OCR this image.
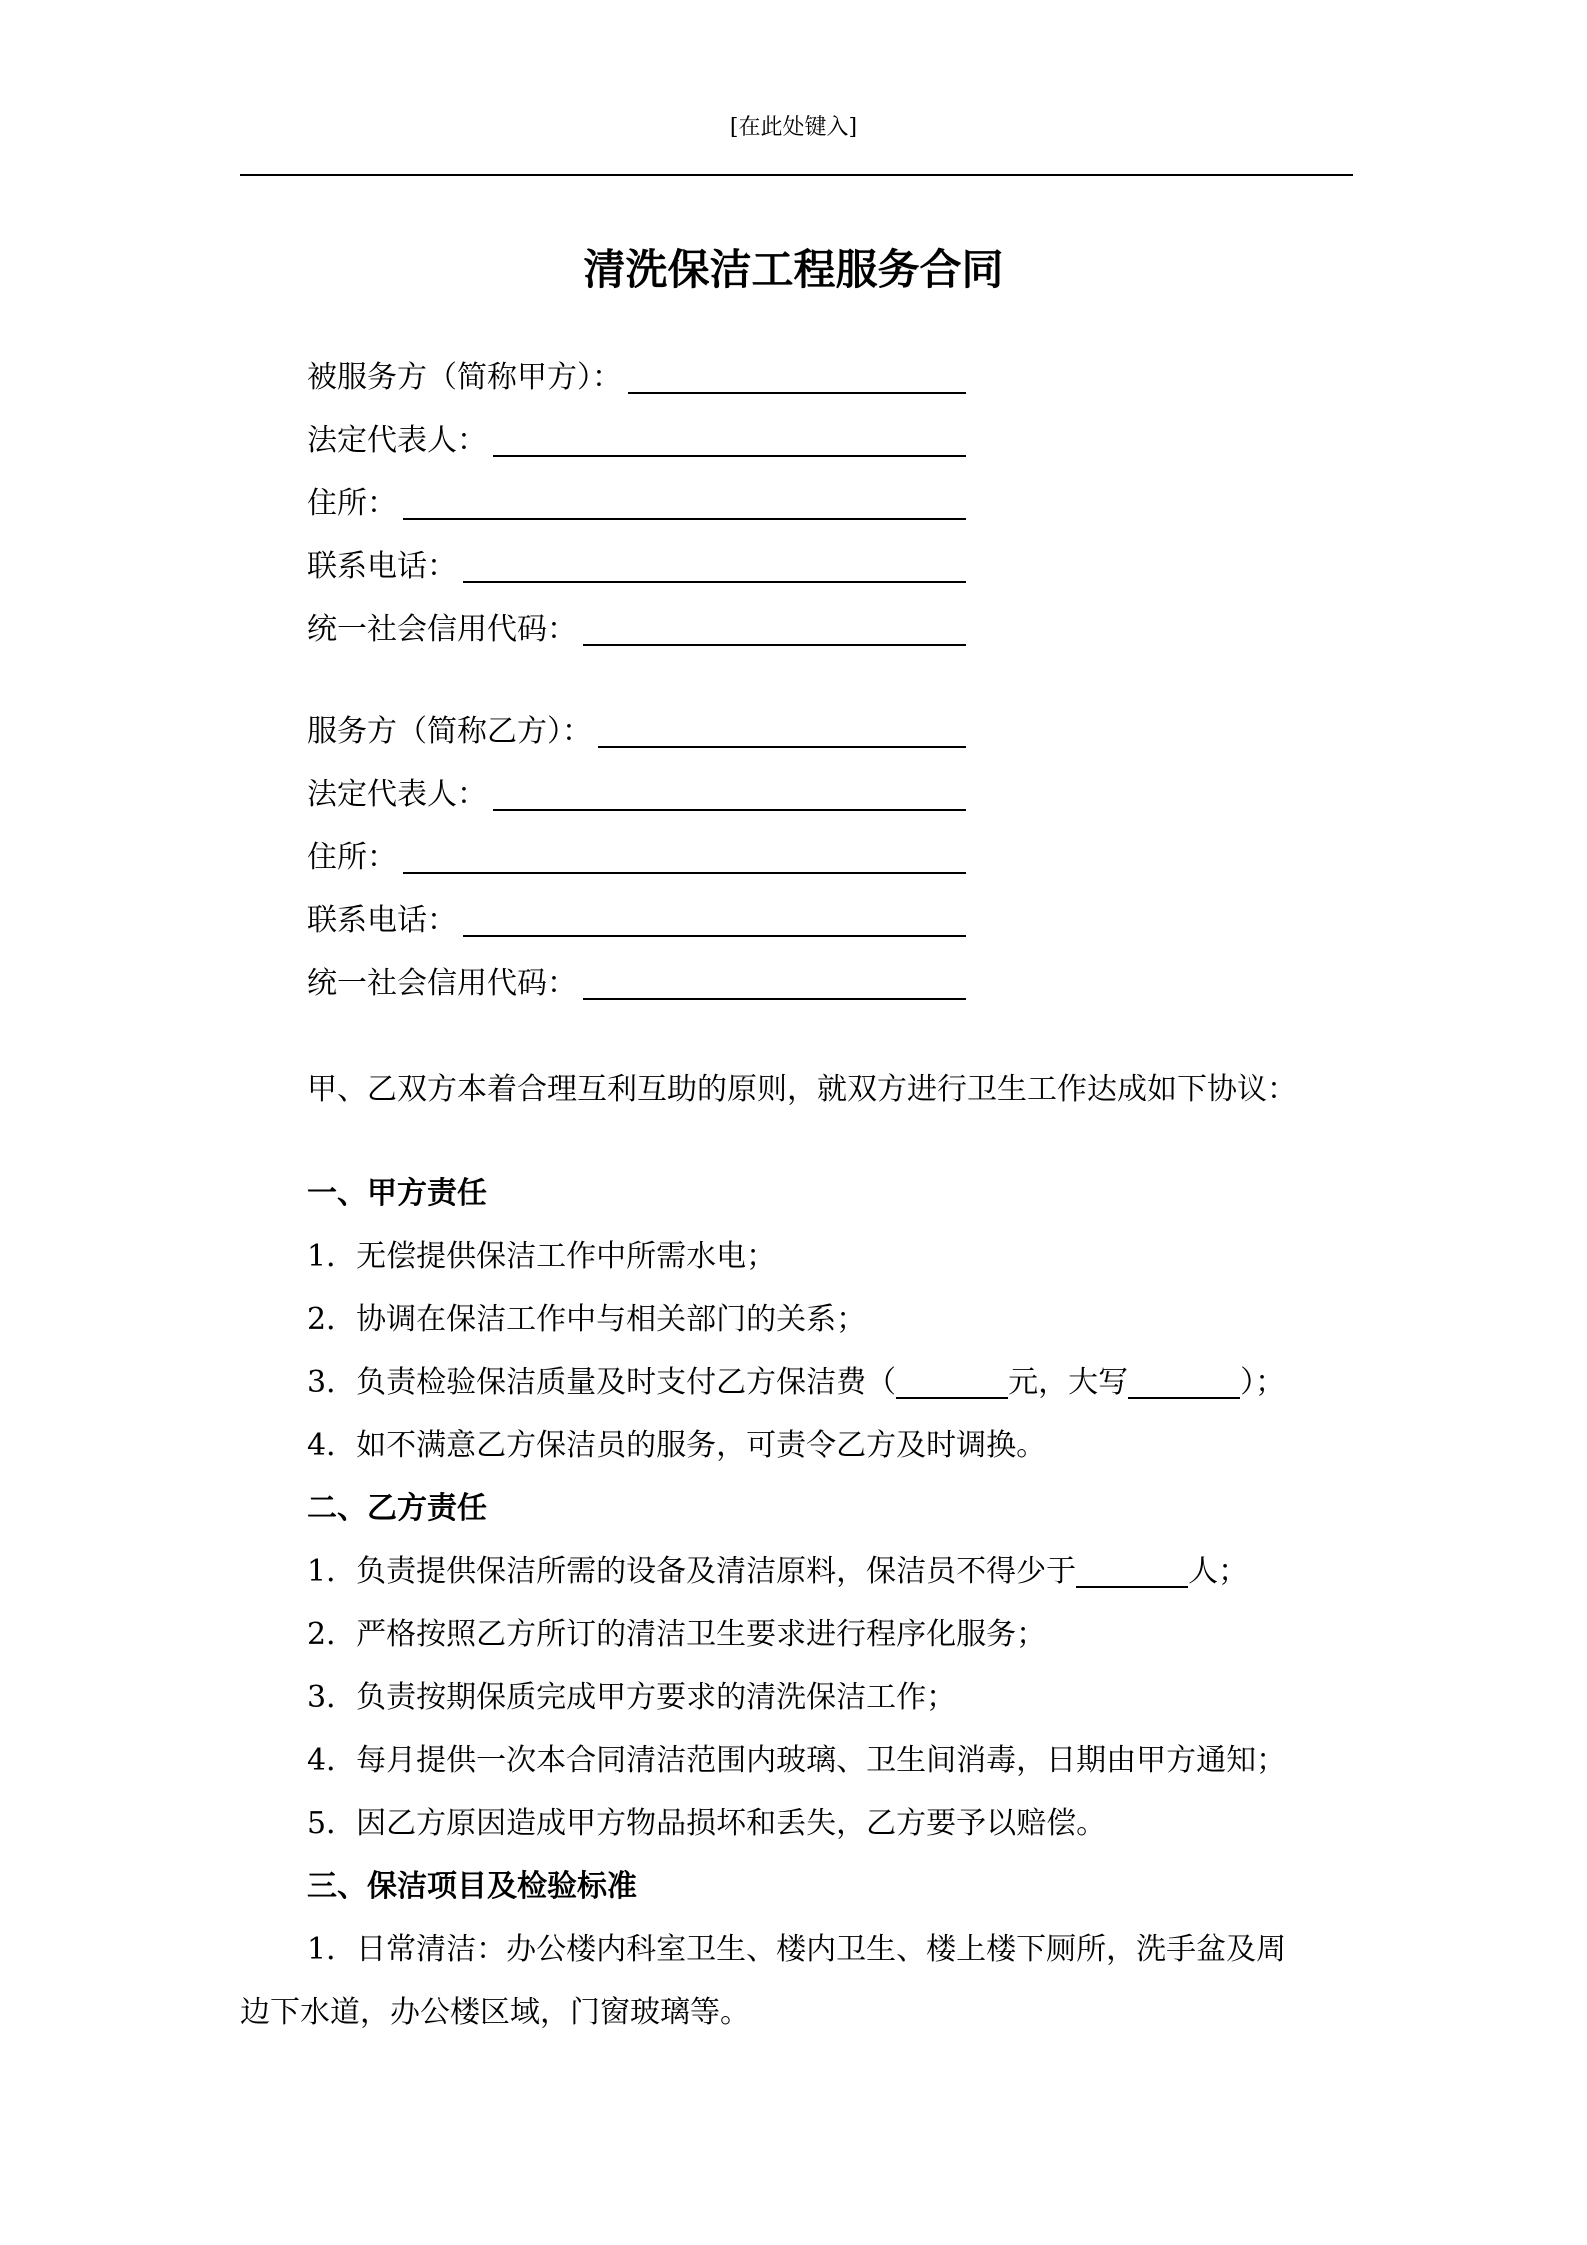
[在此处键入]
清洗保洁工程服务合同
被服务方（简称甲方）：
法定代表人：
住所：
联系电话：
统一社会信用代码：
服务方（简称乙方）：
法定代表人：
住所：
联系电话：
统一社会信用代码：
甲、乙双方本着合理互利互助的原则，就双方进行卫生工作达成如下协议：
一、甲方责任
1．无偿提供保洁工作中所需水电；
2．协调在保洁工作中与相关部门的关系；
3．负责检验保洁质量及时支付乙方保洁费（	元，大写	）；
4．如不满意乙方保洁员的服务，可责令乙方及时调换。
二、乙方责任
1．负责提供保洁所需的设备及清洁原料，保洁员不得少于	人；
2．严格按照乙方所订的清洁卫生要求进行程序化服务；
3．负责按期保质完成甲方要求的清洗保洁工作；
4．每月提供一次本合同清洁范围内玻璃、卫生间消毒，日期由甲方通知；
5．因乙方原因造成甲方物品损坏和丢失，乙方要予以赔偿。
三、保洁项目及检验标准
1．日常清洁：办公楼内科室卫生、楼内卫生、楼上楼下厕所，洗手盆及周
边下水道，办公楼区域，门窗玻璃等。
